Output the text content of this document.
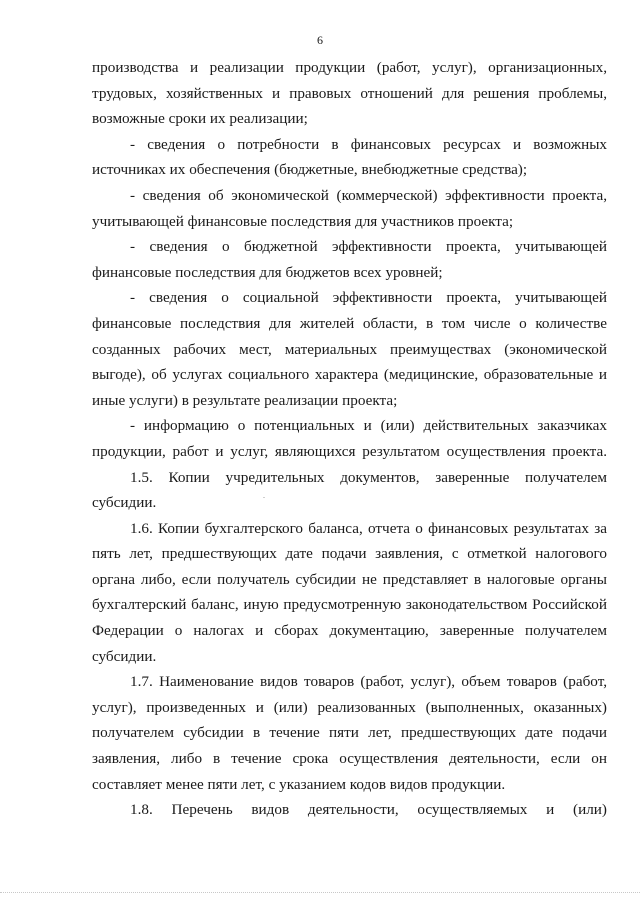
6
производства и реализации продукции (работ, услуг), организационных,
трудовых, хозяйственных и правовых отношений для решения проблемы,
возможные сроки их реализации;
- сведения о потребности в финансовых ресурсах и возможных
источниках их обеспечения (бюджетные, внебюджетные средства);
- сведения об экономической (коммерческой) эффективности проекта,
учитывающей финансовые последствия для участников проекта;
- сведения о бюджетной эффективности проекта, учитывающей
финансовые последствия для бюджетов всех уровней;
- сведения о социальной эффективности проекта, учитывающей
финансовые последствия для жителей области, в том числе о количестве
созданных рабочих мест, материальных преимуществах (экономической
выгоде), об услугах социального характера (медицинские, образовательные и
иные услуги) в результате реализации проекта;
- информацию о потенциальных и (или) действительных заказчиках
продукции, работ и услуг, являющихся результатом осуществления проекта.
1.5. Копии учредительных документов, заверенные получателем
субсидии.
1.6. Копии бухгалтерского баланса, отчета о финансовых результатах за
пять лет, предшествующих дате подачи заявления, с отметкой налогового
органа либо, если получатель субсидии не представляет в налоговые органы
бухгалтерский баланс, иную предусмотренную законодательством Российской
Федерации о налогах и сборах документацию, заверенные получателем
субсидии.
1.7. Наименование видов товаров (работ, услуг), объем товаров (работ,
услуг), произведенных и (или) реализованных (выполненных, оказанных)
получателем субсидии в течение пяти лет, предшествующих дате подачи
заявления, либо в течение срока осуществления деятельности, если он
составляет менее пяти лет, с указанием кодов видов продукции.
1.8. Перечень видов деятельности, осуществляемых и (или)
